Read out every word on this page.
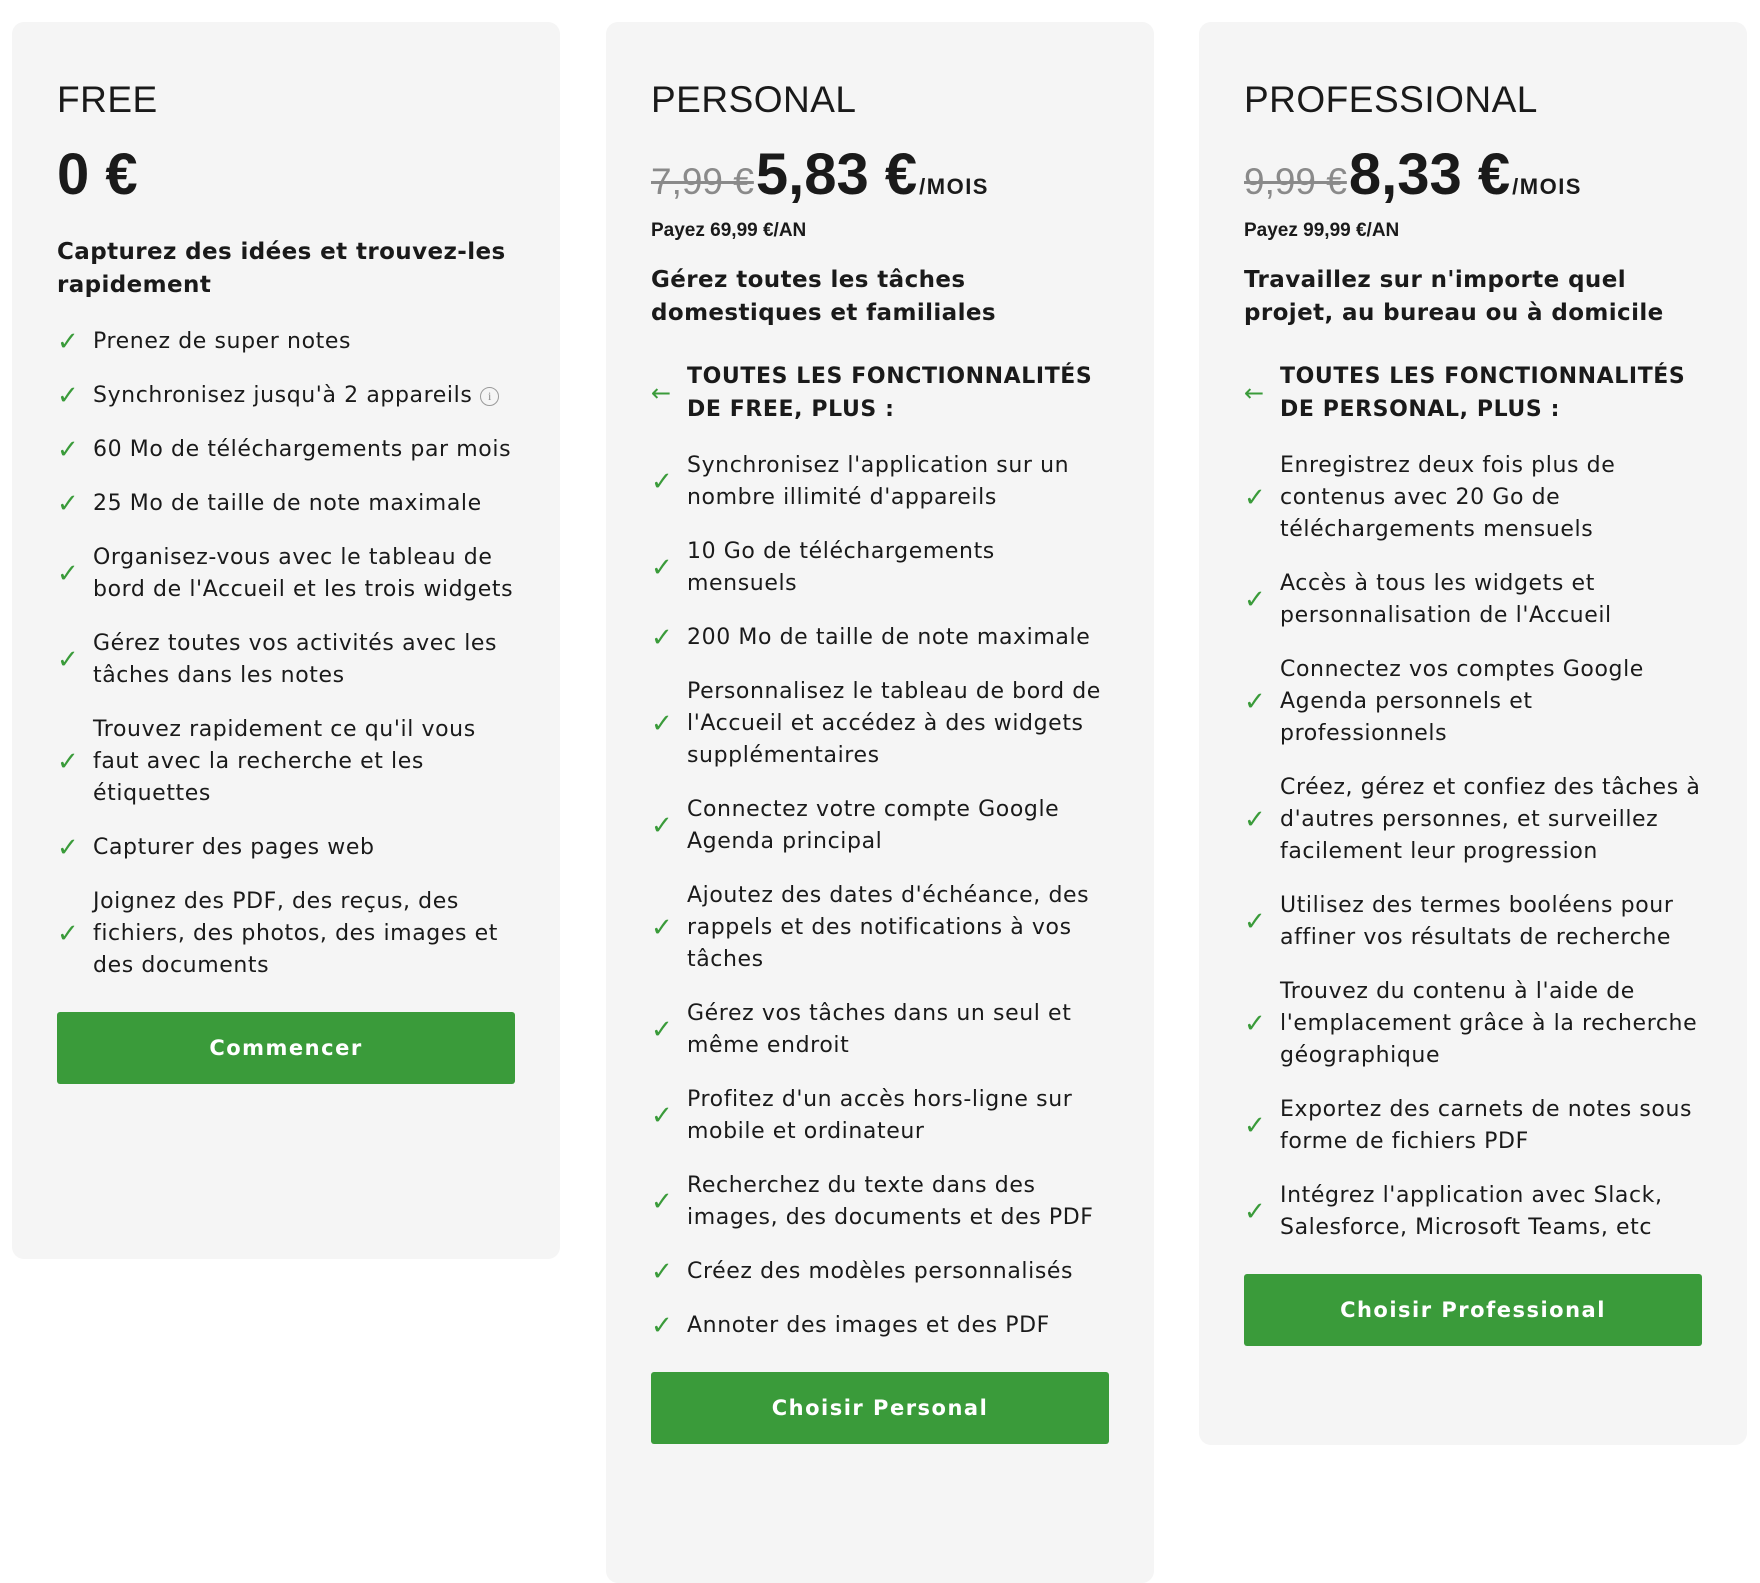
FREE
0 €
Capturez des idées et trouvez-les rapidement
✓ Prenez de super notes
✓ Synchronisez jusqu'à 2 appareils i
✓ 60 Mo de téléchargements par mois
✓ 25 Mo de taille de note maximale
✓
Organisez-vous avec le tableau de bord de l'Accueil et les trois widgets
✓
Gérez toutes vos activités avec les tâches dans les notes
✓
Trouvez rapidement ce qu'il vous faut avec la recherche et les étiquettes
✓ Capturer des pages web
✓
Joignez des PDF, des reçus, des fichiers, des photos, des images et des documents
Commencer
PERSONAL
7,99 € 5,83 € /MOIS
Payez 69,99 €/AN
Gérez toutes les tâches domestiques et familiales
←
TOUTES LES FONCTIONNALITÉS DE FREE, PLUS :
✓
Synchronisez l'application sur un nombre illimité d'appareils
✓
10 Go de téléchargements mensuels
✓ 200 Mo de taille de note maximale
✓
Personnalisez le tableau de bord de l'Accueil et accédez à des widgets supplémentaires
✓
Connectez votre compte Google Agenda principal
✓
Ajoutez des dates d'échéance, des rappels et des notifications à vos tâches
✓
Gérez vos tâches dans un seul et même endroit
✓
Profitez d'un accès hors-ligne sur mobile et ordinateur
✓
Recherchez du texte dans des images, des documents et des PDF
✓ Créez des modèles personnalisés
✓ Annoter des images et des PDF
Choisir Personal
PROFESSIONAL
9,99 € 8,33 € /MOIS
Payez 99,99 €/AN
Travaillez sur n'importe quel projet, au bureau ou à domicile
←
TOUTES LES FONCTIONNALITÉS DE PERSONAL, PLUS :
✓
Enregistrez deux fois plus de contenus avec 20 Go de téléchargements mensuels
✓
Accès à tous les widgets et personnalisation de l'Accueil
✓
Connectez vos comptes Google Agenda personnels et professionnels
✓
Créez, gérez et confiez des tâches à d'autres personnes, et surveillez facilement leur progression
✓
Utilisez des termes booléens pour affiner vos résultats de recherche
✓
Trouvez du contenu à l'aide de l'emplacement grâce à la recherche géographique
✓
Exportez des carnets de notes sous forme de fichiers PDF
✓
Intégrez l'application avec Slack, Salesforce, Microsoft Teams, etc
Choisir Professional
